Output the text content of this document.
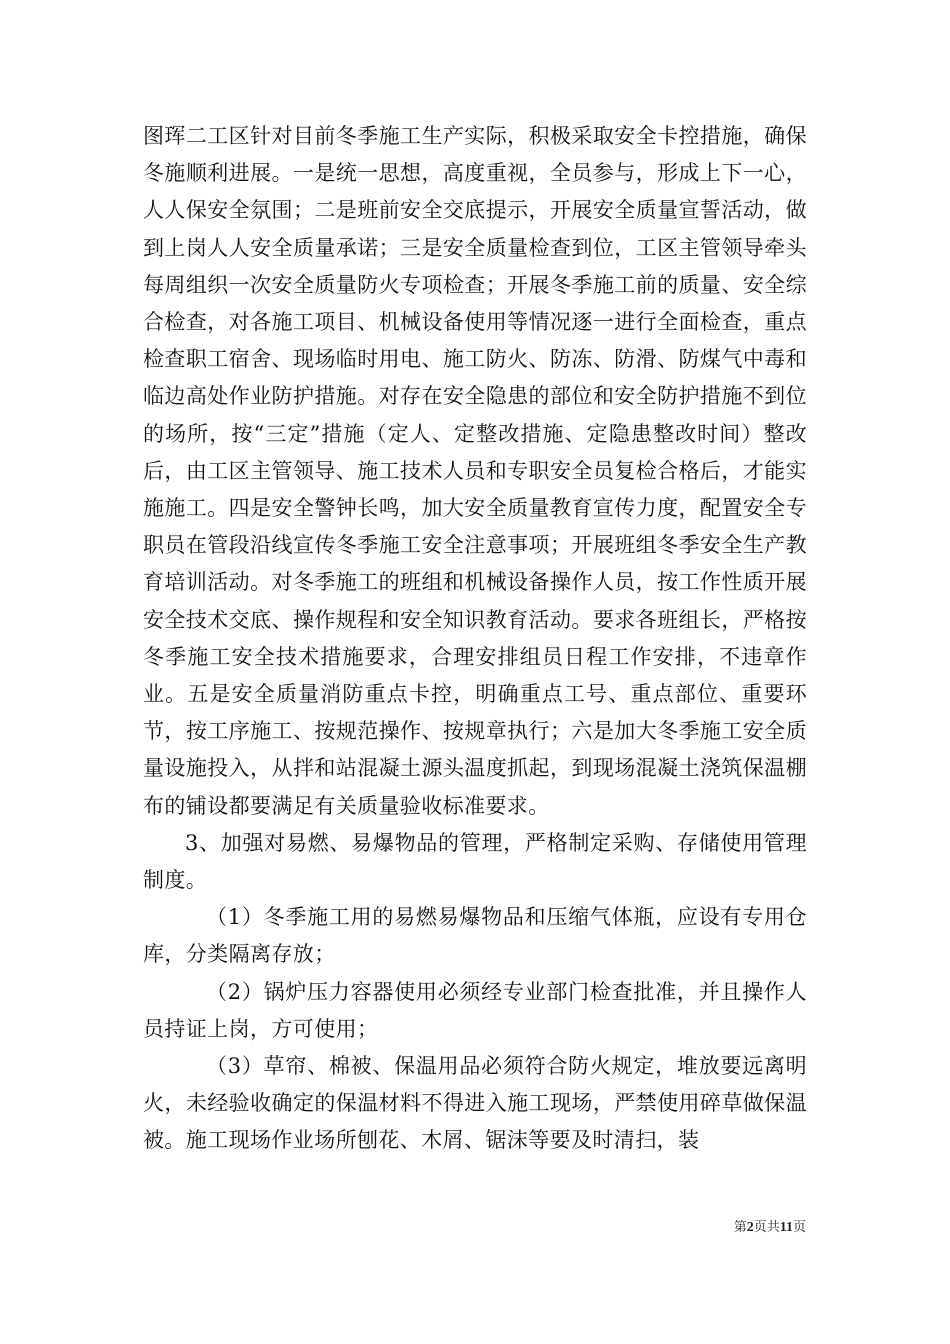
图珲二工区针对目前冬季施工生产实际，积极采取安全卡控措施，确保冬施顺利进展。一是统一思想，高度重视，全员参与，形成上下一心，人人保安全氛围；二是班前安全交底提示，开展安全质量宣誓活动，做到上岗人人安全质量承诺；三是安全质量检查到位，工区主管领导牵头每周组织一次安全质量防火专项检查；开展冬季施工前的质量、安全综合检查，对各施工项目、机械设备使用等情况逐一进行全面检查，重点检查职工宿舍、现场临时用电、施工防火、防冻、防滑、防煤气中毒和临边高处作业防护措施。对存在安全隐患的部位和安全防护措施不到位的场所，按“三定”措施（定人、定整改措施、定隐患整改时间）整改后，由工区主管领导、施工技术人员和专职安全员复检合格后，才能实施施工。四是安全警钟长鸣，加大安全质量教育宣传力度，配置安全专职员在管段沿线宣传冬季施工安全注意事项；开展班组冬季安全生产教育培训活动。对冬季施工的班组和机械设备操作人员，按工作性质开展安全技术交底、操作规程和安全知识教育活动。要求各班组长，严格按冬季施工安全技术措施要求，合理安排组员日程工作安排，不违章作业。五是安全质量消防重点卡控，明确重点工号、重点部位、重要环节，按工序施工、按规范操作、按规章执行；六是加大冬季施工安全质量设施投入，从拌和站混凝土源头温度抓起，到现场混凝土浇筑保温棚布的铺设都要满足有关质量验收标准要求。

3、加强对易燃、易爆物品的管理，严格制定采购、存储使用管理制度。

（1）冬季施工用的易燃易爆物品和压缩气体瓶，应设有专用仓库，分类隔离存放；

（2）锅炉压力容器使用必须经专业部门检查批准，并且操作人员持证上岗，方可使用；

（3）草帘、棉被、保温用品必须符合防火规定，堆放要远离明火，未经验收确定的保温材料不得进入施工现场，严禁使用碎草做保温被。施工现场作业场所刨花、木屑、锯沫等要及时清扫，装

第2页共11页
